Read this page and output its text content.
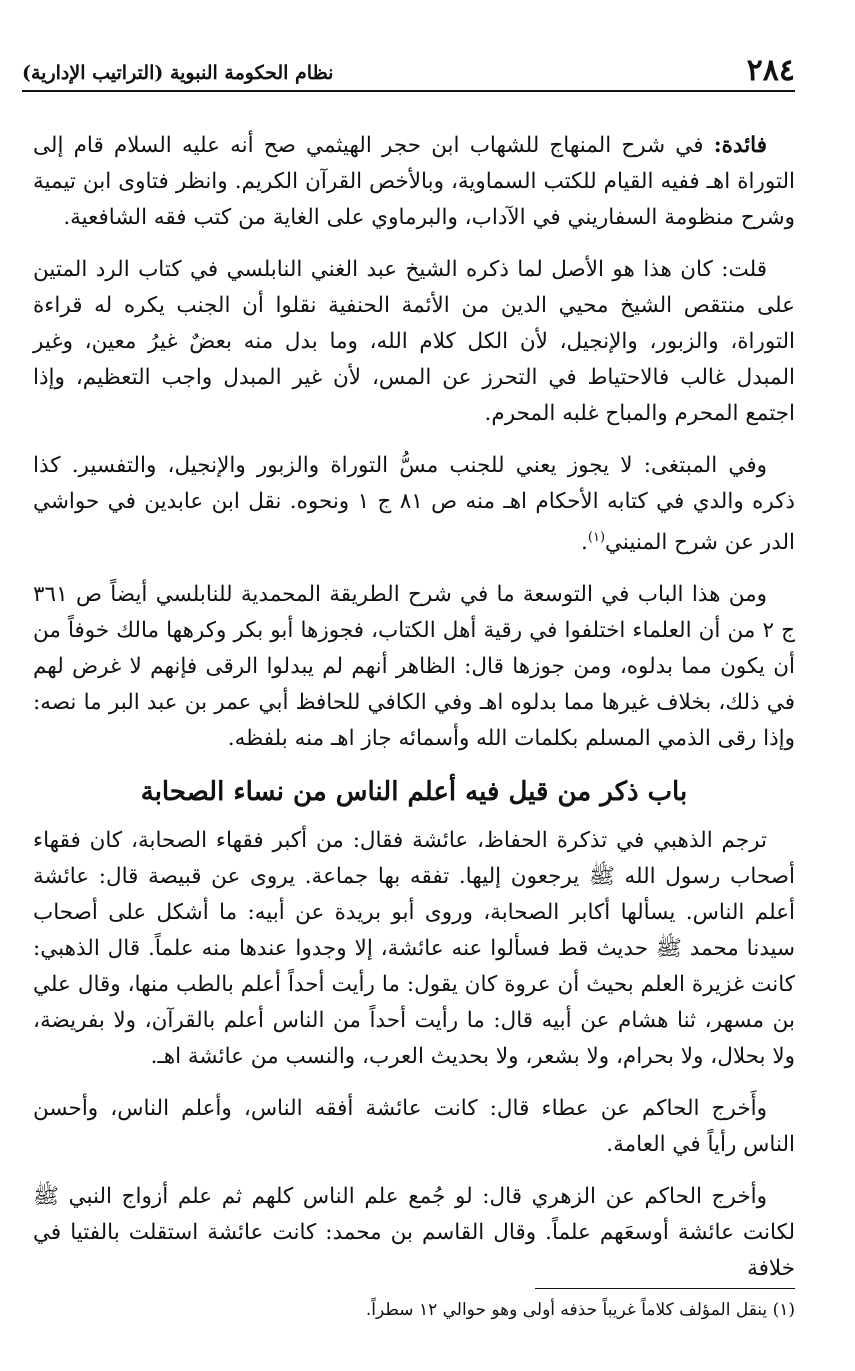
٢٨٤
نظام الحكومة النبوية (التراتيب الإدارية)

فائدة: في شرح المنهاج للشهاب ابن حجر الهيثمي صح أنه عليه السلام قام إلى التوراة اهـ ففيه القيام للكتب السماوية، وبالأخص القرآن الكريم. وانظر فتاوى ابن تيمية وشرح منظومة السفاريني في الآداب، والبرماوي على الغاية من كتب فقه الشافعية.

قلت: كان هذا هو الأصل لما ذكره الشيخ عبد الغني النابلسي في كتاب الرد المتين على منتقص الشيخ محيي الدين من الأئمة الحنفية نقلوا أن الجنب يكره له قراءة التوراة، والزبور، والإنجيل، لأن الكل كلام الله، وما بدل منه بعضٌ غيرُ معين، وغير المبدل غالب فالاحتياط في التحرز عن المس، لأن غير المبدل واجب التعظيم، وإذا اجتمع المحرم والمباح غلبه المحرم.

وفي المبتغى: لا يجوز يعني للجنب مسُّ التوراة والزبور والإنجيل، والتفسير. كذا ذكره والدي في كتابه الأحكام اهـ منه ص ٨١ ج ١ ونحوه. نقل ابن عابدين في حواشي الدر عن شرح المنيني$^{(١)}$.

ومن هذا الباب في التوسعة ما في شرح الطريقة المحمدية للنابلسي أيضاً ص ٣٦١ ج ٢ من أن العلماء اختلفوا في رقية أهل الكتاب، فجوزها أبو بكر وكرهها مالك خوفاً من أن يكون مما بدلوه، ومن جوزها قال: الظاهر أنهم لم يبدلوا الرقى فإنهم لا غرض لهم في ذلك، بخلاف غيرها مما بدلوه اهـ وفي الكافي للحافظ أبي عمر بن عبد البر ما نصه: وإذا رقى الذمي المسلم بكلمات الله وأسمائه جاز اهـ منه بلفظه.

باب ذكر من قيل فيه أعلم الناس من نساء الصحابة

ترجم الذهبي في تذكرة الحفاظ، عائشة فقال: من أكبر فقهاء الصحابة، كان فقهاء أصحاب رسول الله ﷺ يرجعون إليها. تفقه بها جماعة. يروى عن قبيصة قال: عائشة أعلم الناس. يسألها أكابر الصحابة، وروى أبو بريدة عن أبيه: ما أشكل على أصحاب سيدنا محمد ﷺ حديث قط فسألوا عنه عائشة، إلا وجدوا عندها منه علماً. قال الذهبي: كانت غزيرة العلم بحيث أن عروة كان يقول: ما رأيت أحداً أعلم بالطب منها، وقال علي بن مسهر، ثنا هشام عن أبيه قال: ما رأيت أحداً من الناس أعلم بالقرآن، ولا بفريضة، ولا بحلال، ولا بحرام، ولا بشعر، ولا بحديث العرب، والنسب من عائشة اهـ.

وأَخرج الحاكم عن عطاء قال: كانت عائشة أفقه الناس، وأعلم الناس، وأحسن الناس رأياً في العامة.

وأخرج الحاكم عن الزهري قال: لو جُمع علم الناس كلهم ثم علم أزواج النبي ﷺ لكانت عائشة أوسعَهم علماً. وقال القاسم بن محمد: كانت عائشة استقلت بالفتيا في خلافة

(١) ينقل المؤلف كلاماً غريباً حذفه أولى وهو حوالي ١٢ سطراً.
